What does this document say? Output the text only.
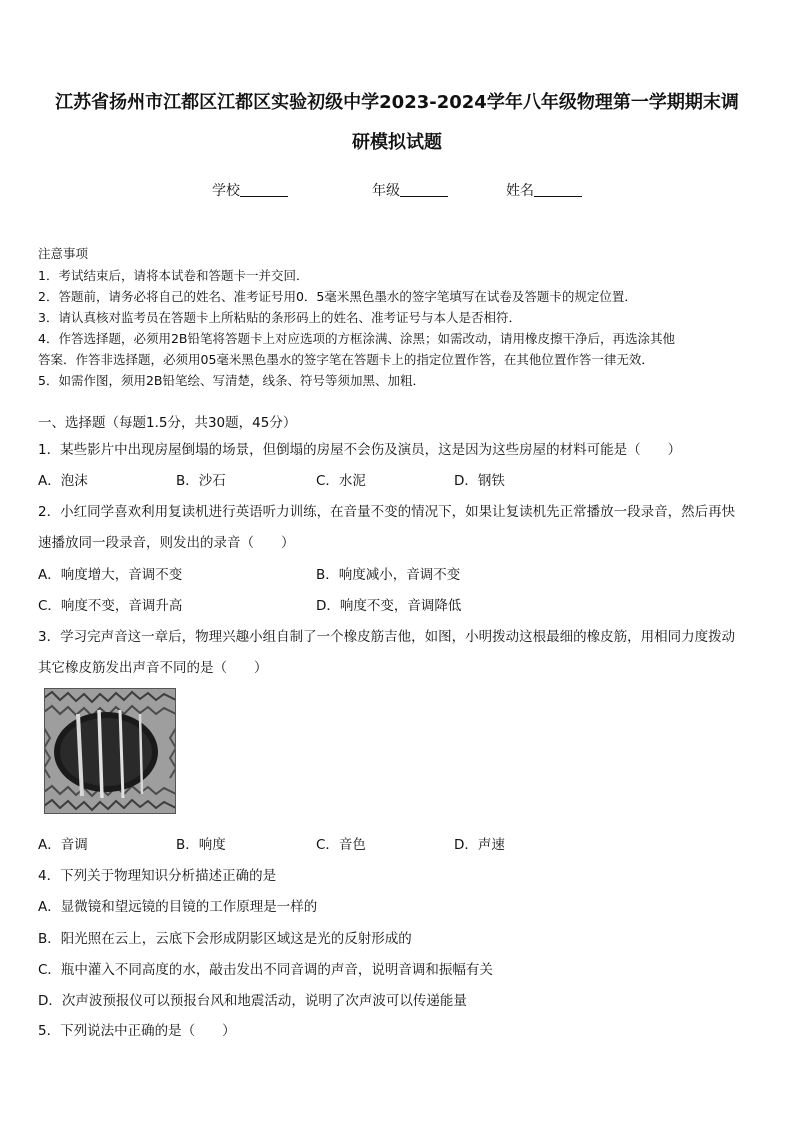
江苏省扬州市江都区江都区实验初级中学2023-2024学年八年级物理第一学期期末调
研模拟试题
学校	年级	姓名
注意事项
1．考试结束后，请将本试卷和答题卡一并交回．
2．答题前，请务必将自己的姓名、准考证号用0．5毫米黑色墨水的签字笔填写在试卷及答题卡的规定位置．
3．请认真核对监考员在答题卡上所粘贴的条形码上的姓名、准考证号与本人是否相符．
4．作答选择题，必须用2B铅笔将答题卡上对应选项的方框涂满、涂黑；如需改动，请用橡皮擦干净后，再选涂其他
答案．作答非选择题，必须用05毫米黑色墨水的签字笔在答题卡上的指定位置作答，在其他位置作答一律无效．
5．如需作图，须用2B铅笔绘、写清楚，线条、符号等须加黑、加粗．
一、选择题（每题1.5分，共30题，45分）
1．某些影片中出现房屋倒塌的场景，但倒塌的房屋不会伤及演员，这是因为这些房屋的材料可能是（　　）
A．泡沫	B．沙石	C．水泥	D．钢铁
2．小红同学喜欢利用复读机进行英语听力训练，在音量不变的情况下，如果让复读机先正常播放一段录音，然后再快
速播放同一段录音，则发出的录音（　　）
A．响度增大，音调不变	B．响度减小，音调不变
C．响度不变，音调升高	D．响度不变，音调降低
3．学习完声音这一章后，物理兴趣小组自制了一个橡皮筋吉他，如图，小明拨动这根最细的橡皮筋，用相同力度拨动
其它橡皮筋发出声音不同的是（　　）
A．音调	B．响度	C．音色	D．声速
4．下列关于物理知识分析描述正确的是
A．显微镜和望远镜的目镜的工作原理是一样的
B．阳光照在云上，云底下会形成阴影区域这是光的反射形成的
C．瓶中灌入不同高度的水，敲击发出不同音调的声音，说明音调和振幅有关
D．次声波预报仪可以预报台风和地震活动，说明了次声波可以传递能量
5．下列说法中正确的是（　　）
